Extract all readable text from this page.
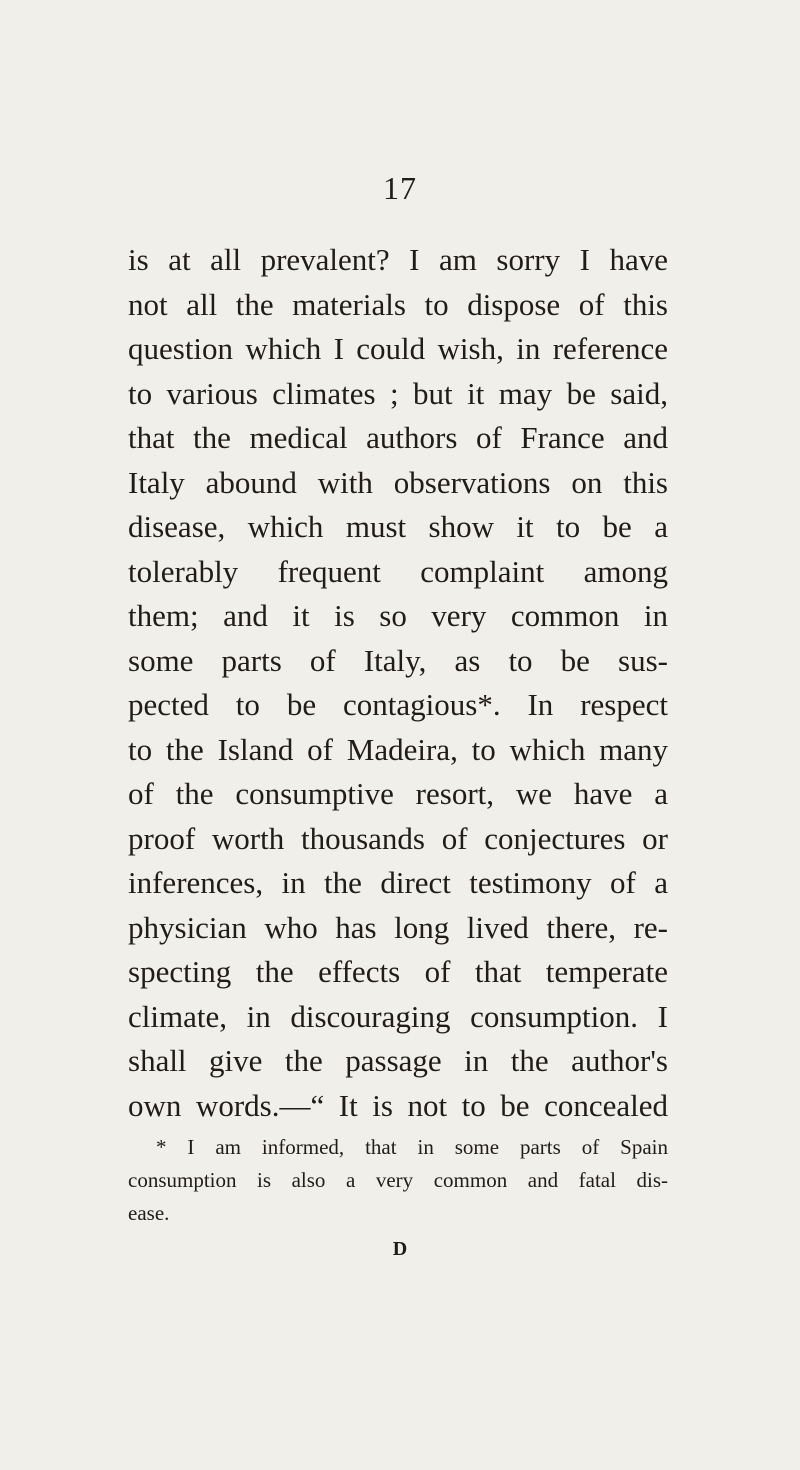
17
is at all prevalent? I am sorry I have
not all the materials to dispose of this
question which I could wish, in reference
to various climates ; but it may be said,
that the medical authors of France and
Italy abound with observations on this
disease, which must show it to be a
tolerably frequent complaint among
them; and it is so very common in
some parts of Italy, as to be sus-
pected to be contagious*. In respect
to the Island of Madeira, to which many
of the consumptive resort, we have a
proof worth thousands of conjectures or
inferences, in the direct testimony of a
physician who has long lived there, re-
specting the effects of that temperate
climate, in discouraging consumption. I
shall give the passage in the author's
own words.—“ It is not to be concealed
* I am informed, that in some parts of Spain
consumption is also a very common and fatal dis-
ease.
D
